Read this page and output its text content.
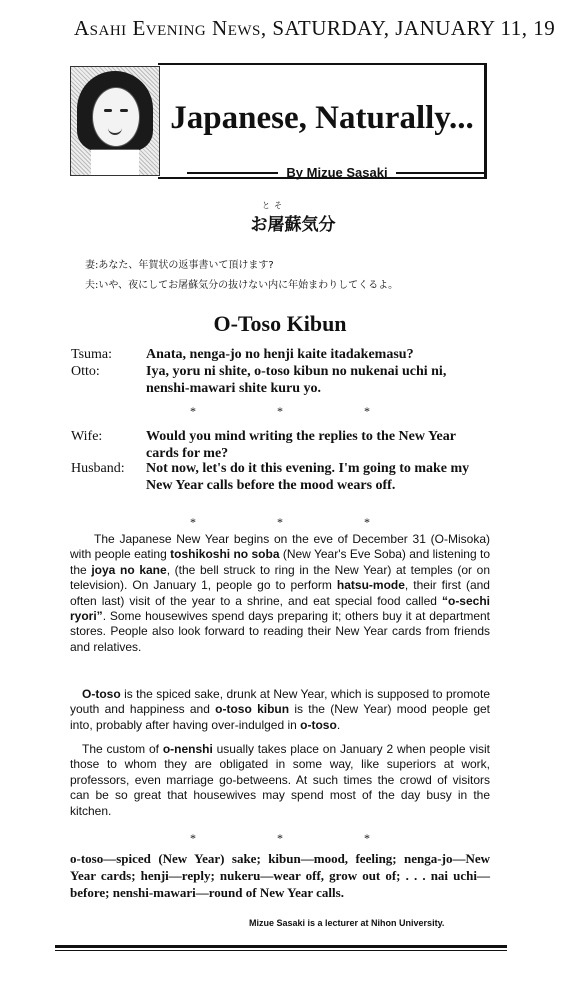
ASAHI EVENING NEWS, SATURDAY, JANUARY 11, 19
Japanese, Naturally...
By Mizue Sasaki
とそ
お屠蘇気分
妻:あなた、年賀状の返事書いて頂けます?
夫:いや、夜にしてお屠蘇気分の抜けない内に年始まわりしてくるよ。
O-Toso Kibun
Tsuma: Anata, nenga-jo no henji kaite itadakemasu?
Otto:	Iya, yoru ni shite, o-toso kibun no nukenai uchi ni, nenshi-mawari shite kuru yo.
*	*	*
Wife:	Would you mind writing the replies to the New Year cards for me?
Husband: Not now, let's do it this evening. I'm going to make my New Year calls before the mood wears off.
*	*	*

The Japanese New Year begins on the eve of December 31 (O-Misoka) with people eating toshikoshi no soba (New Year's Eve Soba) and listening to the joya no kane, (the bell struck to ring in the New Year) at temples (or on television). On January 1, people go to perform hatsu-mode, their first (and often last) visit of the year to a shrine, and eat special food called “o-sechi ryori”. Some housewives spend days preparing it; others buy it at department stores. People also look forward to reading their New Year cards from friends and relatives.

O-toso is the spiced sake, drunk at New Year, which is supposed to promote youth and happiness and o-toso kibun is the (New Year) mood people get into, probably after having over-indulged in o-toso.

The custom of o-nenshi usually takes place on January 2 when people visit those to whom they are obligated in some way, like superiors at work, professors, even marriage go-betweens. At such times the crowd of visitors can be so great that housewives may spend most of the day busy in the kitchen.

*	*	*

o-toso—spiced (New Year) sake; kibun—mood, feeling; nenga-jo—New Year cards; henji—reply; nukeru—wear off, grow out of; . . . nai uchi—before; nenshi-mawari—round of New Year calls.

Mizue Sasaki is a lecturer at Nihon University.
